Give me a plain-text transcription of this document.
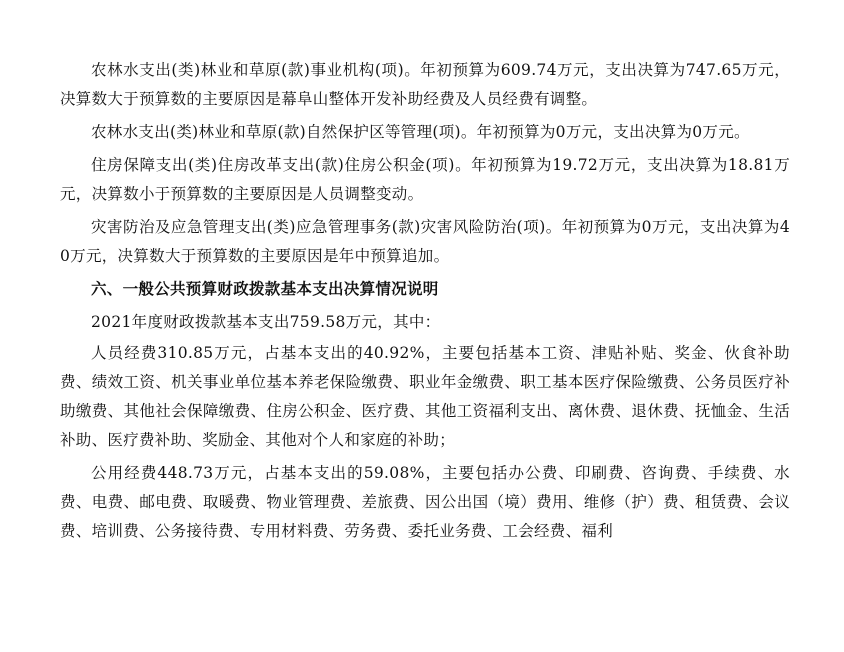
农林水支出(类)林业和草原(款)事业机构(项)。年初预算为609.74万元，支出决算为747.65万元，决算数大于预算数的主要原因是幕阜山整体开发补助经费及人员经费有调整。

农林水支出(类)林业和草原(款)自然保护区等管理(项)。年初预算为0万元，支出决算为0万元。

住房保障支出(类)住房改革支出(款)住房公积金(项)。年初预算为19.72万元，支出决算为18.81万元，决算数小于预算数的主要原因是人员调整变动。

灾害防治及应急管理支出(类)应急管理事务(款)灾害风险防治(项)。年初预算为0万元，支出决算为40万元，决算数大于预算数的主要原因是年中预算追加。

六、一般公共预算财政拨款基本支出决算情况说明

2021年度财政拨款基本支出759.58万元，其中：

人员经费310.85万元，占基本支出的40.92%，主要包括基本工资、津贴补贴、奖金、伙食补助费、绩效工资、机关事业单位基本养老保险缴费、职业年金缴费、职工基本医疗保险缴费、公务员医疗补助缴费、其他社会保障缴费、住房公积金、医疗费、其他工资福利支出、离休费、退休费、抚恤金、生活补助、医疗费补助、奖励金、其他对个人和家庭的补助；

公用经费448.73万元，占基本支出的59.08%，主要包括办公费、印刷费、咨询费、手续费、水费、电费、邮电费、取暖费、物业管理费、差旅费、因公出国（境）费用、维修（护）费、租赁费、会议费、培训费、公务接待费、专用材料费、劳务费、委托业务费、工会经费、福利
